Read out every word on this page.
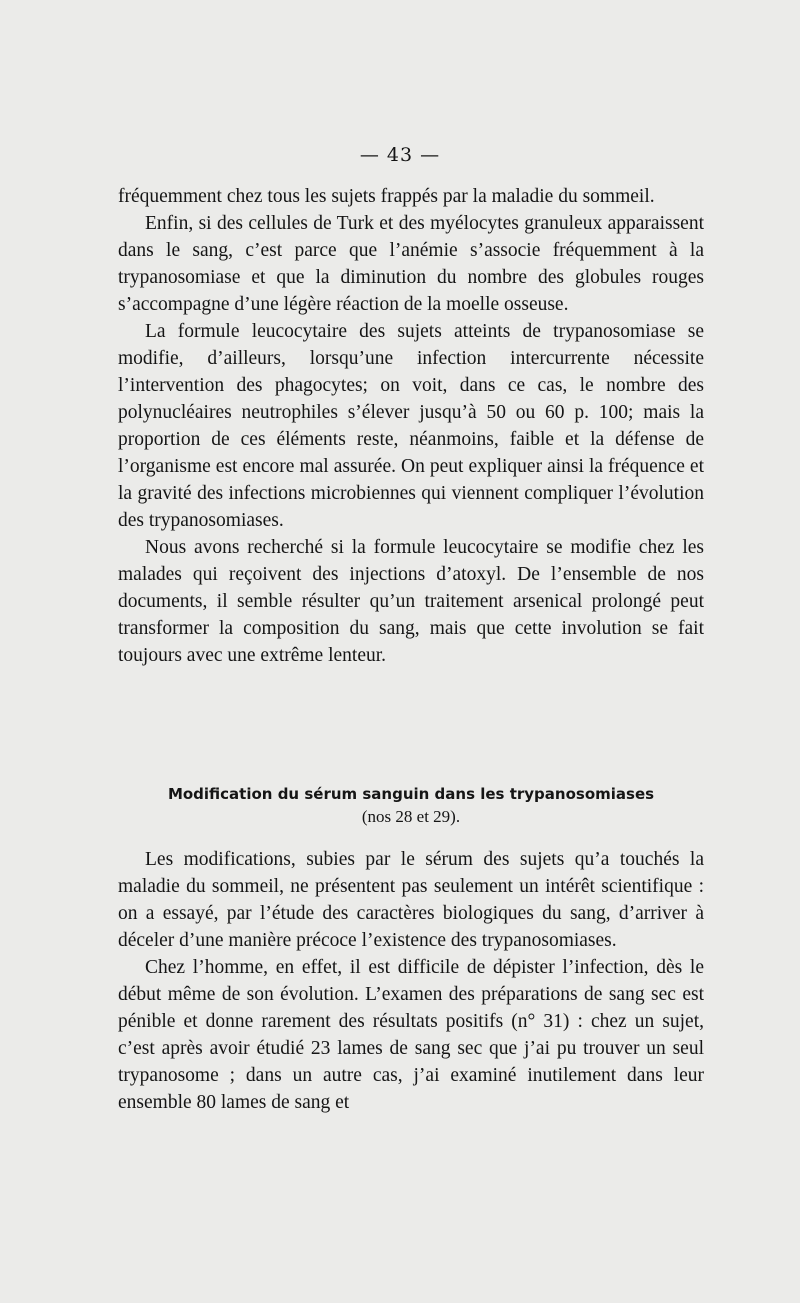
— 43 —

fréquemment chez tous les sujets frappés par la maladie du sommeil.

Enfin, si des cellules de Turk et des myélocytes granuleux apparaissent dans le sang, c’est parce que l’anémie s’associe fréquemment à la trypanosomiase et que la diminution du nombre des globules rouges s’accompagne d’une légère réaction de la moelle osseuse.

La formule leucocytaire des sujets atteints de trypanosomiase se modifie, d’ailleurs, lorsqu’une infection intercurrente nécessite l’intervention des phagocytes; on voit, dans ce cas, le nombre des polynucléaires neutrophiles s’élever jusqu’à 50 ou 60 p. 100; mais la proportion de ces éléments reste, néanmoins, faible et la défense de l’organisme est encore mal assurée. On peut expliquer ainsi la fréquence et la gravité des infections microbiennes qui viennent compliquer l’évolution des trypanosomiases.

Nous avons recherché si la formule leucocytaire se modifie chez les malades qui reçoivent des injections d’atoxyl. De l’ensemble de nos documents, il semble résulter qu’un traitement arsenical prolongé peut transformer la composition du sang, mais que cette involution se fait toujours avec une extrême lenteur.

Modification du sérum sanguin dans les trypanosomiases
(nos 28 et 29).

Les modifications, subies par le sérum des sujets qu’a touchés la maladie du sommeil, ne présentent pas seulement un intérêt scientifique : on a essayé, par l’étude des caractères biologiques du sang, d’arriver à déceler d’une manière précoce l’existence des trypanosomiases.

Chez l’homme, en effet, il est difficile de dépister l’infection, dès le début même de son évolution. L’examen des préparations de sang sec est pénible et donne rarement des résultats positifs (n° 31) : chez un sujet, c’est après avoir étudié 23 lames de sang sec que j’ai pu trouver un seul trypanosome ; dans un autre cas, j’ai examiné inutilement dans leur ensemble 80 lames de sang et
